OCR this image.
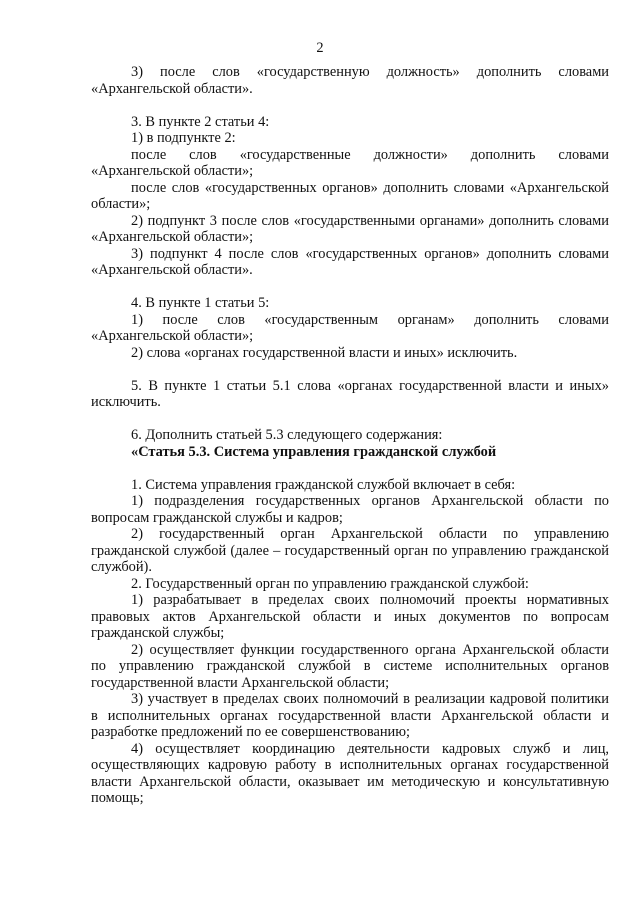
2

3) после слов «государственную должность» дополнить словами «Архангельской области».

3. В пункте 2 статьи 4:

1) в подпункте 2:

после слов «государственные должности» дополнить словами «Архангельской области»;

после слов «государственных органов» дополнить словами «Архангельской области»;

2) подпункт 3 после слов «государственными органами» дополнить словами «Архангельской области»;

3) подпункт 4 после слов «государственных органов» дополнить словами «Архангельской области».

4. В пункте 1 статьи 5:

1) после слов «государственным органам» дополнить словами «Архангельской области»;

2) слова «органах государственной власти и иных» исключить.

5. В пункте 1 статьи 5.1 слова «органах государственной власти и иных» исключить.

6. Дополнить статьей 5.3 следующего содержания:

«Статья 5.3. Система управления гражданской службой

1. Система управления гражданской службой включает в себя:

1) подразделения государственных органов Архангельской области по вопросам гражданской службы и кадров;

2) государственный орган Архангельской области по управлению гражданской службой (далее – государственный орган по управлению гражданской службой).

2. Государственный орган по управлению гражданской службой:

1) разрабатывает в пределах своих полномочий проекты нормативных правовых актов Архангельской области и иных документов по вопросам гражданской службы;

2) осуществляет функции государственного органа Архангельской области по управлению гражданской службой в системе исполнительных органов государственной власти Архангельской области;

3) участвует в пределах своих полномочий в реализации кадровой политики в исполнительных органах государственной власти Архангельской области и разработке предложений по ее совершенствованию;

4) осуществляет координацию деятельности кадровых служб и лиц, осуществляющих кадровую работу в исполнительных органах государственной власти Архангельской области, оказывает им методическую и консультативную помощь;
